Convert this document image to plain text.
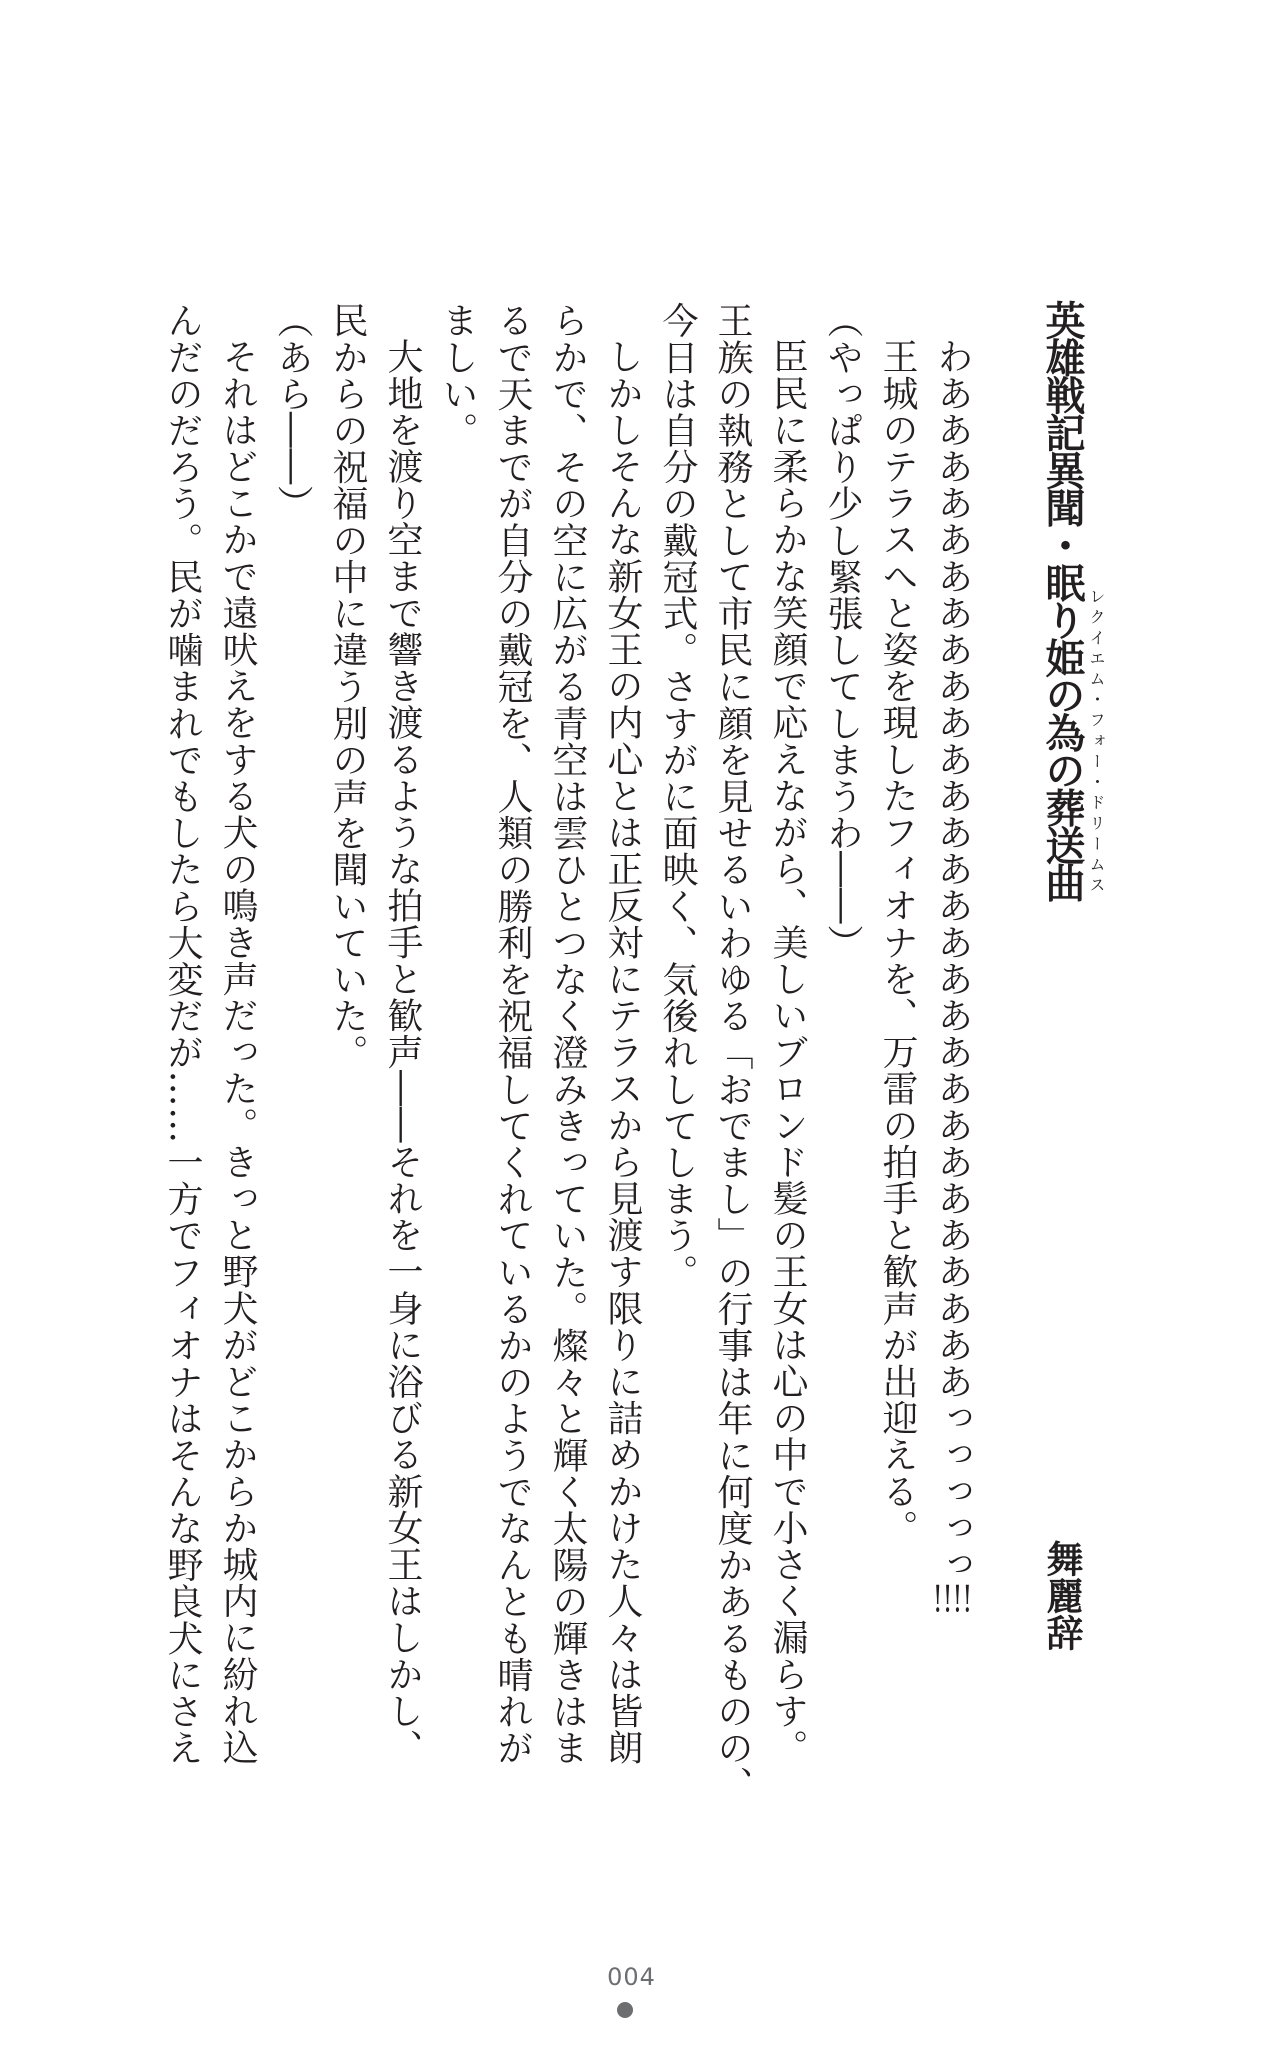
英雄戦記異聞・眠り姫の為の葬送曲 レクイエム・フォー・ドリームス
舞麗辞
わああああああああああああああああああああああああああああっっっっっ!!!!
王城のテラスへと姿を現したフィオナを、万雷の拍手と歓声が出迎える。
（やっぱり少し緊張してしまうわ――）
臣民に柔らかな笑顔で応えながら、美しいブロンド髪の王女は心の中で小さく漏らす。
王族の執務として市民に顔を見せるいわゆる「おでまし」の行事は年に何度かあるものの、
今日は自分の戴冠式。さすがに面映く、気後れしてしまう。
しかしそんな新女王の内心とは正反対にテラスから見渡す限りに詰めかけた人々は皆朗
らかで、その空に広がる青空は雲ひとつなく澄みきっていた。燦々と輝く太陽の輝きはま
るで天までが自分の戴冠を、人類の勝利を祝福してくれているかのようでなんとも晴れが
ましい。
大地を渡り空まで響き渡るような拍手と歓声――それを一身に浴びる新女王はしかし、
民からの祝福の中に違う別の声を聞いていた。
（あら――）
それはどこかで遠吠えをする犬の鳴き声だった。きっと野犬がどこからか城内に紛れ込
んだのだろう。民が噛まれでもしたら大変だが……一方でフィオナはそんな野良犬にさえ
004
